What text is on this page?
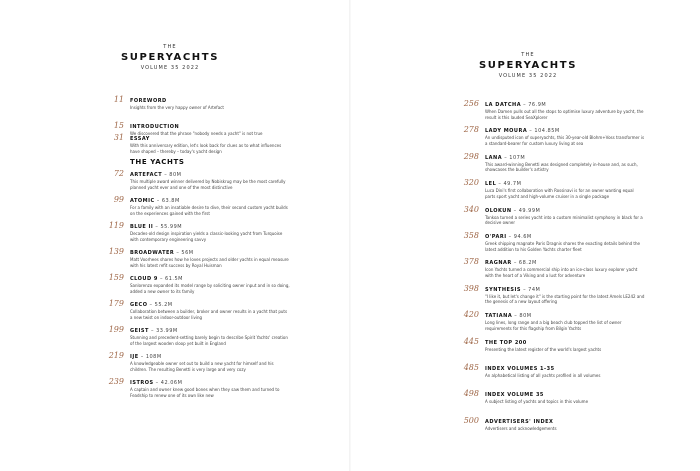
THE
SUPERYACHTS
VOLUME 35 2022
11 FOREWORD
Insights from the very happy owner of Artefact
15 INTRODUCTION
We discovered that the phrase "nobody needs a yacht" is not true
31 ESSAY
With this anniversary edition, let's look back for clues as to what influences have shaped – thereby – today's yacht design
THE YACHTS
72 ARTEFACT – 80M
This multiple award winner delivered by Nobiskrug may be the most carefully planned yacht ever and one of the most distinctive
99 ATOMIC – 63.8M
For a family with an insatiable desire to dive, their second custom yacht builds on the experiences gained with the first
119 BLUE II – 55.99M
Decades-old design inspiration yields a classic-looking yacht from Turquoise with contemporary engineering savvy
139 BROADWATER – 56M
Matt Voorhees shares how he loves projects and older yachts in equal measure with his latest refit success by Royal Huisman
159 CLOUD 9 – 61.5M
Sanlorenzo expanded its model range by soliciting owner input and in so doing, added a new owner to its family
179 GECO – 55.2M
Collaboration between a builder, broker and owner results in a yacht that puts a new twist on indoor-outdoor living
199 GEIST – 33.99M
Stunning and precedent-setting barely begin to describe Spirit Yachts' creation of the largest wooden sloop yet built in England
219 IJE – 108M
A knowledgeable owner set out to build a new yacht for himself and his children. The resulting Benetti is very large and very cozy
239 ISTROS – 42.06M
A captain and owner knew good bones when they saw them and turned to Feadship to renew one of its own like new
THE
SUPERYACHTS
VOLUME 35 2022
256 LA DATCHA – 76.9M
When Damen pulls out all the stops to optimise luxury adventure by yacht, the result is this lauded SeaXplorer
278 LADY MOURA – 104.85M
An undisputed icon of superyachts, this 30-year-old Blohm+Voss transformer is a standard-bearer for custom luxury living at sea
298 LANA – 107M
This award-winning Benetti was designed completely in-house and, as such, showcases the builder's artistry
320 LEL – 49.7M
Luca Dini's first collaboration with Rossinavi is for an owner wanting equal parts sport yacht and high-volume cruiser in a single package
340 OLOKUN – 49.99M
Tankoa turned a series yacht into a custom minimalist symphony in black for a decisive owner
358 O'PARI – 94.6M
Greek shipping magnate Paris Dragnis shares the exacting details behind the latest addition to his Golden Yachts charter fleet
378 RAGNAR – 68.2M
Icon Yachts turned a commercial ship into an ice-class luxury explorer yacht with the heart of a Viking and a lust for adventure
398 SYNTHESIS – 74M
"I like it, but let's change it" is the starting point for the latest Amels LE242 and the genesis of a new layout offering
420 TATIANA – 80M
Long lines, long range and a big beach club topped the list of owner requirements for this flagship from Bilgin Yachts
445 THE TOP 200
Presenting the latest register of the world's largest yachts
485 INDEX VOLUMES 1-35
An alphabetical listing of all yachts profiled in all volumes
498 INDEX VOLUME 35
A subject listing of yachts and topics in this volume
500 ADVERTISERS' INDEX
Advertisers and acknowledgements
